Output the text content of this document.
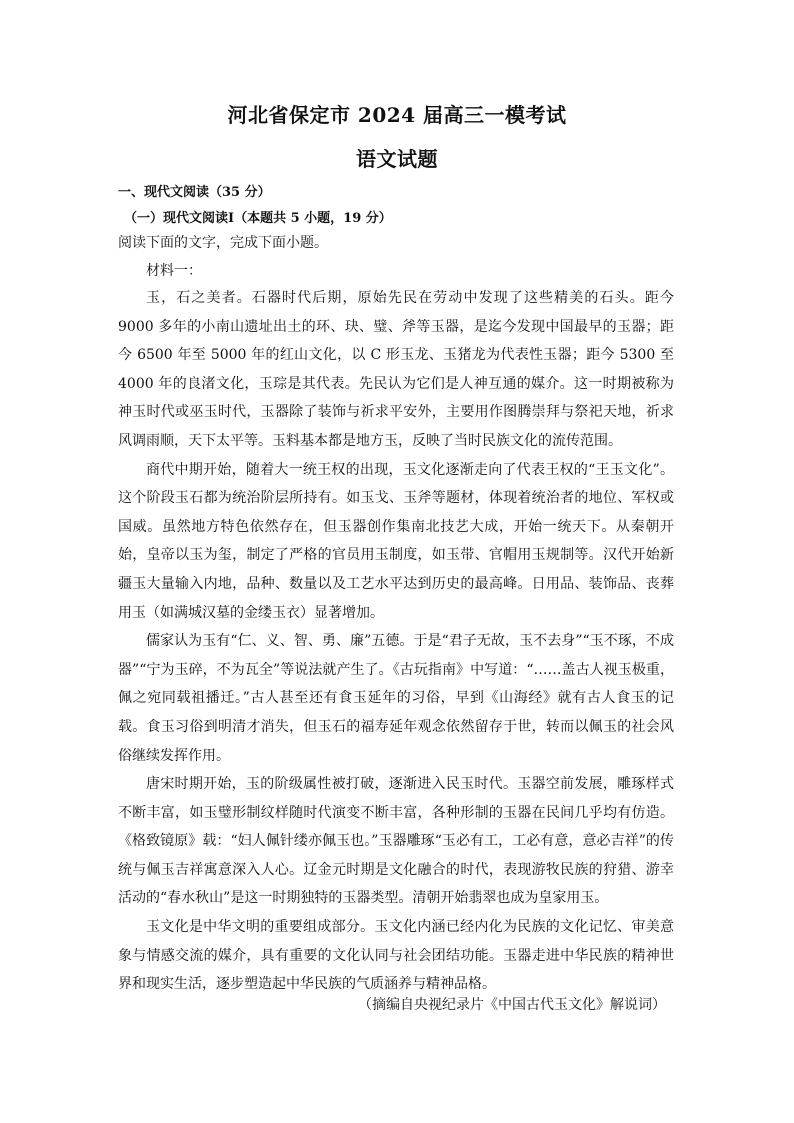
河北省保定市 2024 届高三一模考试
语文试题
一、现代文阅读（35 分）
（一）现代文阅读Ⅰ（本题共 5 小题，19 分）
阅读下面的文字，完成下面小题。
材料一：

玉，石之美者。石器时代后期，原始先民在劳动中发现了这些精美的石头。距今 9000 多年的小南山遗址出土的环、玦、璧、斧等玉器，是迄今发现中国最早的玉器；距今 6500 年至 5000 年的红山文化，以 C 形玉龙、玉猪龙为代表性玉器；距今 5300 至 4000 年的良渚文化，玉琮是其代表。先民认为它们是人神互通的媒介。这一时期被称为神玉时代或巫玉时代，玉器除了装饰与祈求平安外，主要用作图腾崇拜与祭祀天地，祈求风调雨顺，天下太平等。玉料基本都是地方玉，反映了当时民族文化的流传范围。

商代中期开始，随着大一统王权的出现，玉文化逐渐走向了代表王权的“王玉文化”。这个阶段玉石都为统治阶层所持有。如玉戈、玉斧等题材，体现着统治者的地位、军权或国威。虽然地方特色依然存在，但玉器创作集南北技艺大成，开始一统天下。从秦朝开始，皇帝以玉为玺，制定了严格的官员用玉制度，如玉带、官帽用玉规制等。汉代开始新疆玉大量输入内地，品种、数量以及工艺水平达到历史的最高峰。日用品、装饰品、丧葬用玉（如满城汉墓的金缕玉衣）显著增加。

儒家认为玉有“仁、义、智、勇、廉”五德。于是“君子无故，玉不去身”“玉不琢，不成器”“宁为玉碎，不为瓦全”等说法就产生了。《古玩指南》中写道：“……盖古人视玉极重，佩之宛同载祖播迁。”古人甚至还有食玉延年的习俗，早到《山海经》就有古人食玉的记载。食玉习俗到明清才消失，但玉石的福寿延年观念依然留存于世，转而以佩玉的社会风俗继续发挥作用。

唐宋时期开始，玉的阶级属性被打破，逐渐进入民玉时代。玉器空前发展，雕琢样式不断丰富，如玉璧形制纹样随时代演变不断丰富，各种形制的玉器在民间几乎均有仿造。《格致镜原》载：“妇人佩针缕亦佩玉也。”玉器雕琢“玉必有工，工必有意，意必吉祥”的传统与佩玉吉祥寓意深入人心。辽金元时期是文化融合的时代，表现游牧民族的狩猎、游幸活动的“春水秋山”是这一时期独特的玉器类型。清朝开始翡翠也成为皇家用玉。

玉文化是中华文明的重要组成部分。玉文化内涵已经内化为民族的文化记忆、审美意象与情感交流的媒介，具有重要的文化认同与社会团结功能。玉器走进中华民族的精神世界和现实生活，逐步塑造起中华民族的气质涵养与精神品格。

（摘编自央视纪录片《中国古代玉文化》解说词）
